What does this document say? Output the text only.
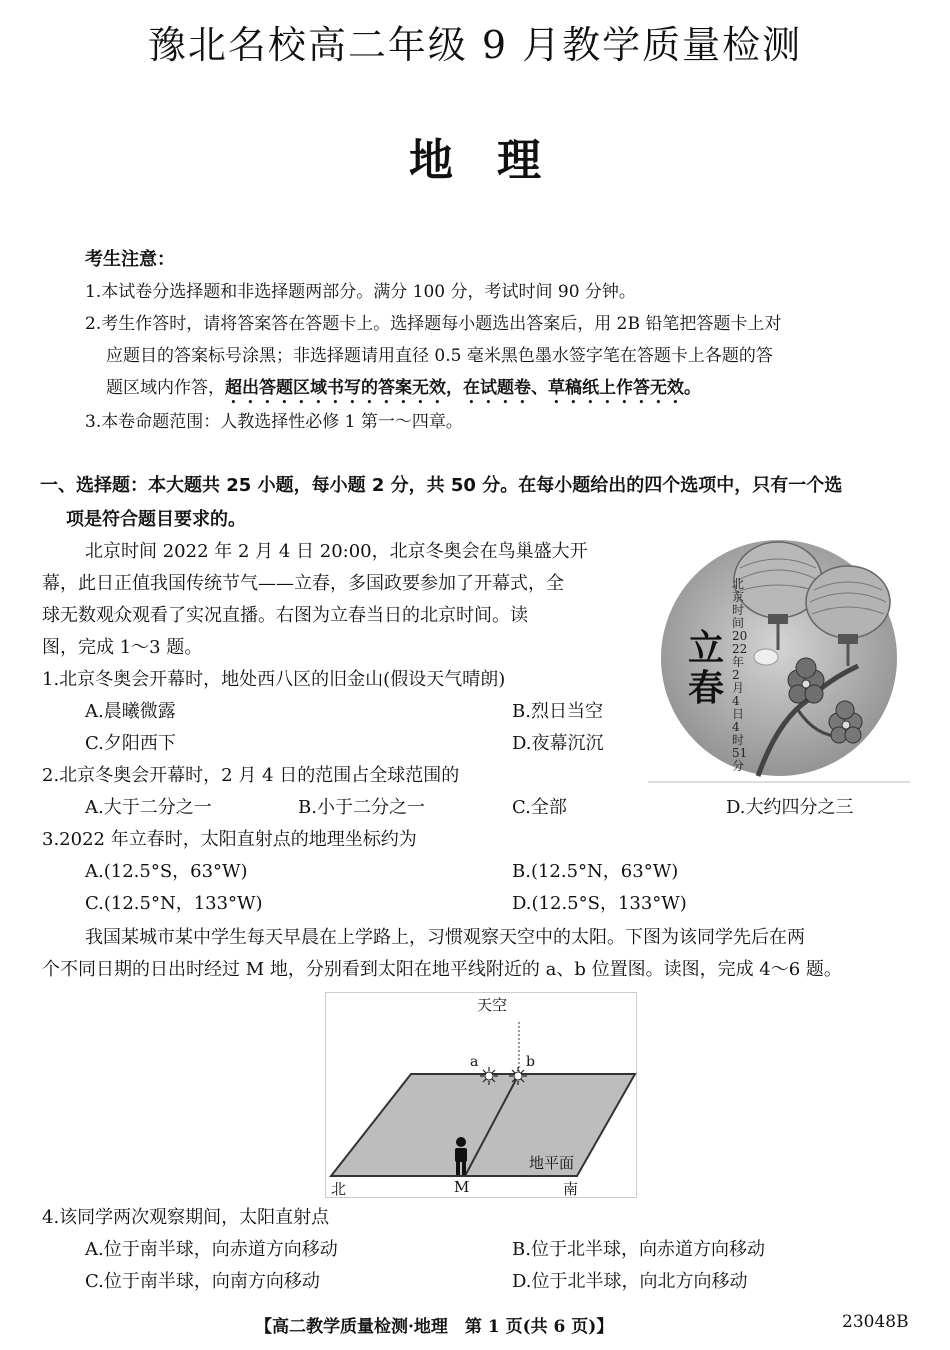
豫北名校高二年级 9 月教学质量检测
地　理
考生注意：
1.本试卷分选择题和非选择题两部分。满分 100 分，考试时间 90 分钟。
2.考生作答时，请将答案答在答题卡上。选择题每小题选出答案后，用 2B 铅笔把答题卡上对
应题目的答案标号涂黑；非选择题请用直径 0.5 毫米黑色墨水签字笔在答题卡上各题的答
题区域内作答，超出答题区域书写的答案无效，在试题卷、草稿纸上作答无效。
3.本卷命题范围：人教选择性必修 1 第一～四章。
一、选择题：本大题共 25 小题，每小题 2 分，共 50 分。在每小题给出的四个选项中，只有一个选
项是符合题目要求的。
北京时间 2022 年 2 月 4 日 20:00，北京冬奥会在鸟巢盛大开
幕，此日正值我国传统节气——立春，多国政要参加了开幕式，全
球无数观众观看了实况直播。右图为立春当日的北京时间。读
图，完成 1～3 题。	立春
北京时间2022年2月4日4时51分
1.北京冬奥会开幕时，地处西八区的旧金山(假设天气晴朗)
A.晨曦微露	B.烈日当空
C.夕阳西下	D.夜幕沉沉
2.北京冬奥会开幕时，2 月 4 日的范围占全球范围的
A.大于二分之一	B.小于二分之一	C.全部	D.大约四分之三
3.2022 年立春时，太阳直射点的地理坐标约为
A.(12.5°S，63°W)	B.(12.5°N，63°W)
C.(12.5°N，133°W)	D.(12.5°S，133°W)
我国某城市某中学生每天早晨在上学路上，习惯观察天空中的太阳。下图为该同学先后在两
个不同日期的日出时经过 M 地，分别看到太阳在地平线附近的 a、b 位置图。读图，完成 4～6 题。
天空
a	b
地平面
北	M	南
4.该同学两次观察期间，太阳直射点
A.位于南半球，向赤道方向移动	B.位于北半球，向赤道方向移动
C.位于南半球，向南方向移动	D.位于北半球，向北方向移动
【高二教学质量检测·地理　第 1 页(共 6 页)】	23048B
